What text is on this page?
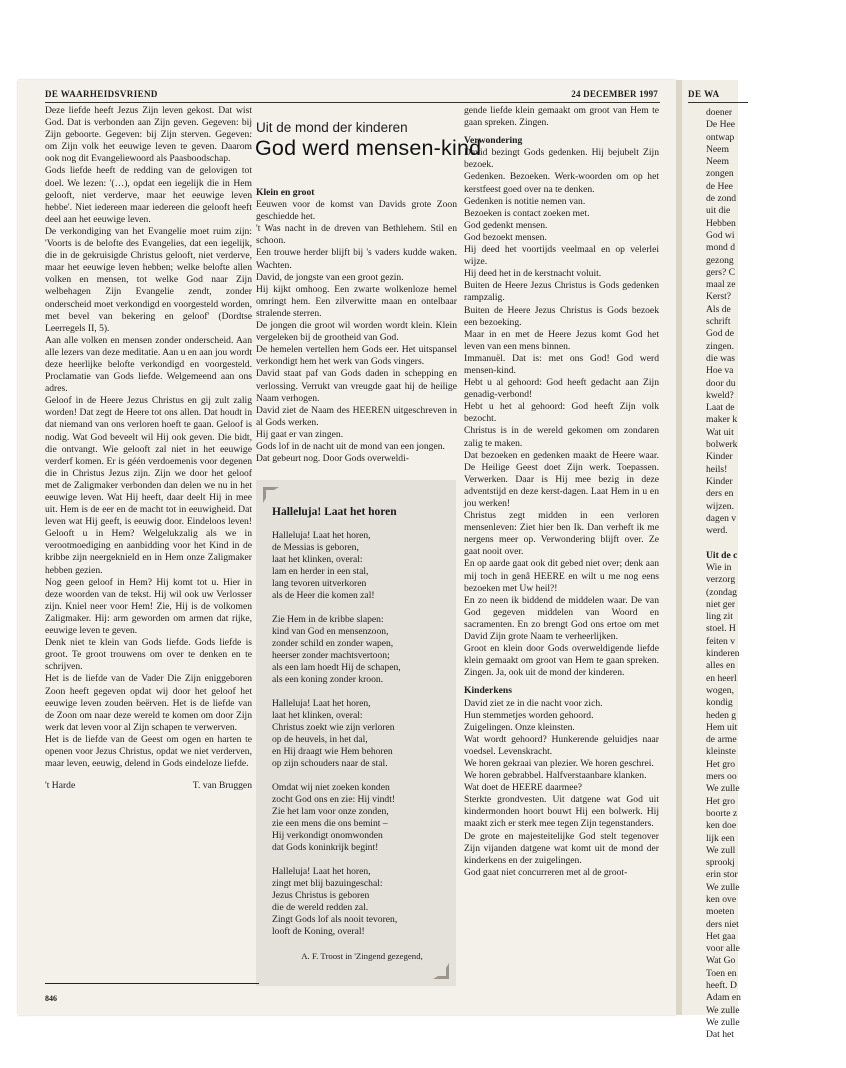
DE WAARHEIDSVRIEND	24 DECEMBER 1997

Deze liefde heeft Jezus Zijn leven gekost. Dat wist God. Dat is verbonden aan Zijn geven. Gegeven: bij Zijn geboorte. Gegeven: bij Zijn sterven. Gegeven: om Zijn volk het eeuwige leven te geven. Daarom ook nog dit Evangeliewoord als Paasboodschap.

Gods liefde heeft de redding van de gelovigen tot doel. We lezen: '(…), opdat een iegelijk die in Hem gelooft, niet verderve, maar het eeuwige leven hebbe'. Niet iedereen maar iedereen die gelooft heeft deel aan het eeuwige leven.

De verkondiging van het Evangelie moet ruim zijn: 'Voorts is de belofte des Evangelies, dat een iegelijk, die in de gekruisigde Christus gelooft, niet verderve, maar het eeuwige leven hebben; welke belofte allen volken en mensen, tot welke God naar Zijn welbehagen Zijn Evangelie zendt, zonder onderscheid moet verkondigd en voorgesteld worden, met bevel van bekering en geloof' (Dordtse Leerregels II, 5).

Aan alle volken en mensen zonder onderscheid. Aan alle lezers van deze meditatie. Aan u en aan jou wordt deze heerlijke belofte verkondigd en voorgesteld. Proclamatie van Gods liefde. Welgemeend aan ons adres.

Geloof in de Heere Jezus Christus en gij zult zalig worden! Dat zegt de Heere tot ons allen. Dat houdt in dat niemand van ons verloren hoeft te gaan. Geloof is nodig. Wat God beveelt wil Hij ook geven. Die bidt, die ontvangt. Wie gelooft zal niet in het eeuwige verderf komen. Er is géén verdoemenis voor degenen die in Christus Jezus zijn. Zijn we door het geloof met de Zaligmaker verbonden dan delen we nu in het eeuwige leven. Wat Hij heeft, daar deelt Hij in mee uit. Hem is de eer en de macht tot in eeuwigheid. Dat leven wat Hij geeft, is eeuwig door. Eindeloos leven! Gelooft u in Hem? Welgelukzalig als we in verootmoediging en aanbidding voor het Kind in de kribbe zijn neergeknield en in Hem onze Zaligmaker hebben gezien.

Nog geen geloof in Hem? Hij komt tot u. Hier in deze woorden van de tekst. Hij wil ook uw Verlosser zijn. Kniel neer voor Hem! Zie, Hij is de volkomen Zaligmaker. Hij: arm geworden om armen dat rijke, eeuwige leven te geven.

Denk niet te klein van Gods liefde. Gods liefde is groot. Te groot trouwens om over te denken en te schrijven.

Het is de liefde van de Vader Die Zijn eniggeboren Zoon heeft gegeven opdat wij door het geloof het eeuwige leven zouden beërven. Het is de liefde van de Zoon om naar deze wereld te komen om door Zijn werk dat leven voor al Zijn schapen te verwerven.

Het is de liefde van de Geest om ogen en harten te openen voor Jezus Christus, opdat we niet verderven, maar leven, eeuwig, delend in Gods eindeloze liefde.

't Harde	T. van Bruggen
Uit de mond der kinderen
God werd mensen-kind

Klein en groot

Eeuwen voor de komst van Davids grote Zoon geschiedde het.

't Was nacht in de dreven van Bethlehem. Stil en schoon.

Een trouwe herder blijft bij 's vaders kudde waken. Wachten.

David, de jongste van een groot gezin.

Hij kijkt omhoog. Een zwarte wolkenloze hemel omringt hem. Een zilverwitte maan en ontelbaar stralende sterren.

De jongen die groot wil worden wordt klein. Klein vergeleken bij de grootheid van God.

De hemelen vertellen hem Gods eer. Het uitspansel verkondigt hem het werk van Gods vingers.

David staat paf van Gods daden in schepping en verlossing. Verrukt van vreugde gaat hij de heilige Naam verhogen.

David ziet de Naam des HEEREN uitgeschreven in al Gods werken.

Hij gaat er van zingen.

Gods lof in de nacht uit de mond van een jongen.

Dat gebeurt nog. Door Gods overweldi-

Halleluja! Laat het horen
Halleluja! Laat het horen,
de Messias is geboren,
laat het klinken, overal:
lam en herder in een stal,
lang tevoren uitverkoren
als de Heer die komen zal!
Zie Hem in de kribbe slapen:
kind van God en mensenzoon,
zonder schild en zonder wapen,
heerser zonder machtsvertoon;
als een lam hoedt Hij de schapen,
als een koning zonder kroon.
Halleluja! Laat het horen,
laat het klinken, overal:
Christus zoekt wie zijn verloren
op de heuvels, in het dal,
en Hij draagt wie Hem behoren
op zijn schouders naar de stal.
Omdat wij niet zoeken konden
zocht God ons en zie: Hij vindt!
Zie het lam voor onze zonden,
zie een mens die ons bemint –
Hij verkondigt onomwonden
dat Gods koninkrijk begint!
Halleluja! Laat het horen,
zingt met blij bazuingeschal:
Jezus Christus is geboren
die de wereld redden zal.
Zingt Gods lof als nooit tevoren,
looft de Koning, overal!
A. F. Troost in 'Zingend gezegend,

gende liefde klein gemaakt om groot van Hem te gaan spreken. Zingen.

Verwondering

David bezingt Gods gedenken. Hij bejubelt Zijn bezoek.

Gedenken. Bezoeken. Werk-woorden om op het kerstfeest goed over na te denken.

Gedenken is notitie nemen van.

Bezoeken is contact zoeken met.

God gedenkt mensen.

God bezoekt mensen.

Hij deed het voortijds veelmaal en op velerlei wijze.

Hij deed het in de kerstnacht voluit.

Buiten de Heere Jezus Christus is Gods gedenken rampzalig.

Buiten de Heere Jezus Christus is Gods bezoek een bezoeking.

Maar in en met de Heere Jezus komt God het leven van een mens binnen.

Immanuël. Dat is: met ons God! God werd mensen-kind.

Hebt u al gehoord: God heeft gedacht aan Zijn genadig-verbond!

Hebt u het al gehoord: God heeft Zijn volk bezocht.

Christus is in de wereld gekomen om zondaren zalig te maken.

Dat bezoeken en gedenken maakt de Heere waar. De Heilige Geest doet Zijn werk. Toepassen. Verwerken. Daar is Hij mee bezig in deze adventstijd en deze kerst-dagen. Laat Hem in u en jou werken!

Christus zegt midden in een verloren mensenleven: Ziet hier ben Ik. Dan verheft ik me nergens meer op. Verwondering blijft over. Ze gaat nooit over.

En op aarde gaat ook dit gebed niet over; denk aan mij toch in genâ HEERE en wilt u me nog eens bezoeken met Uw heil?!

En zo neen ik biddend de middelen waar. De van God gegeven middelen van Woord en sacramenten. En zo brengt God ons ertoe om met David Zijn grote Naam te verheerlijken.

Groot en klein door Gods overweldigende liefde klein gemaakt om groot van Hem te gaan spreken. Zingen. Ja, ook uit de mond der kinderen.

Kinderkens

David ziet ze in die nacht voor zich.

Hun stemmetjes worden gehoord.

Zuigelingen. Onze kleinsten.

Wat wordt gehoord? Hunkerende geluidjes naar voedsel. Levenskracht.

We horen gekraai van plezier. We horen geschrei.

We horen gebrabbel. Halfverstaanbare klanken.

Wat doet de HEERE daarmee?

Sterkte grondvesten. Uit datgene wat God uit kindermonden hoort bouwt Hij een bolwerk. Hij maakt zich er sterk mee tegen Zijn tegenstanders.

De grote en majesteitelijke God stelt tegenover Zijn vijanden datgene wat komt uit de mond der kinderkens en der zuigelingen.

God gaat niet concurreren met al de groot-

846
DE WA
doener
De Hee
ontwap
Neem
Neem
zongen
de Hee
de zond
uit die
Hebben
God wi
mond d
gezong
gers? C
maal ze
Kerst?
Als de
schrift
God de
zingen.
die was
Hoe va
door du
kweld?
Laat de
maker k
Wat uit
bolwerk
Kinder
heils!
Kinder
ders en
wijzen.
dagen v
werd.

Uit de c
Wie in
verzorg
(zondag
niet ger
ling zit
stoel. H
feiten v
kinderen
alles en
en heerl
wogen,
kondig
heden g
Hem uit
de arme
kleinste
Het gro
mers oo
We zulle
Het gro
boorte z
ken doe
lijk een
We zull
sprookj
erin stor
We zulle
ken ove
moeten
ders niet
Het gaa
voor alle
Wat Go
Toen en
heeft. D
Adam en
We zulle
We zulle
Dat het
